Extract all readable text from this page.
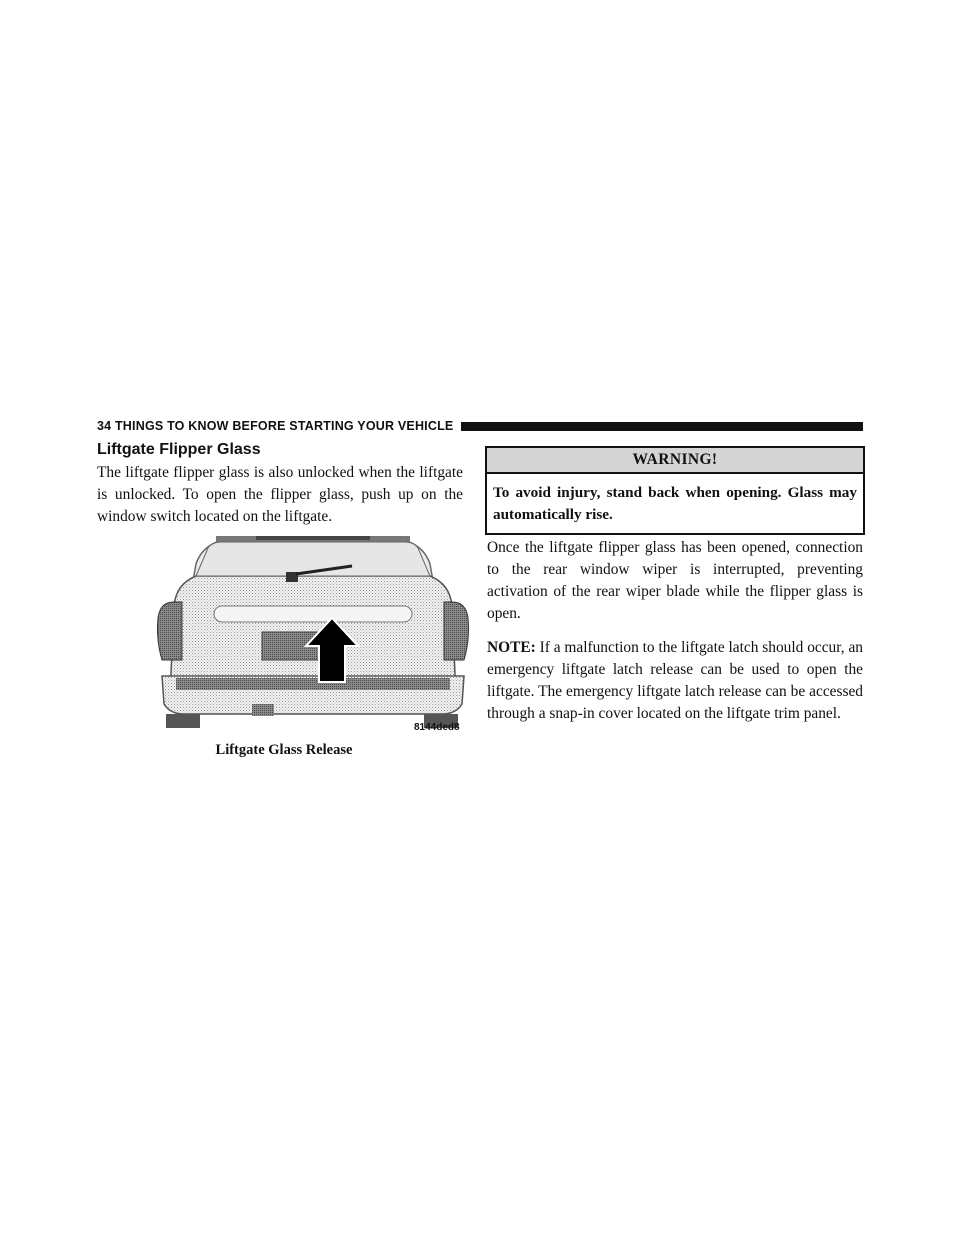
34 THINGS TO KNOW BEFORE STARTING YOUR VEHICLE
Liftgate Flipper Glass

The liftgate flipper glass is also unlocked when the liftgate is unlocked. To open the flipper glass, push up on the window switch located on the liftgate.

8144ded8
Liftgate Glass Release
WARNING!
To avoid injury, stand back when opening. Glass may automatically rise.

Once the liftgate flipper glass has been opened, connection to the rear window wiper is interrupted, preventing activation of the rear wiper blade while the flipper glass is open.

NOTE: If a malfunction to the liftgate latch should occur, an emergency liftgate latch release can be used to open the liftgate. The emergency liftgate latch release can be accessed through a snap-in cover located on the liftgate trim panel.
